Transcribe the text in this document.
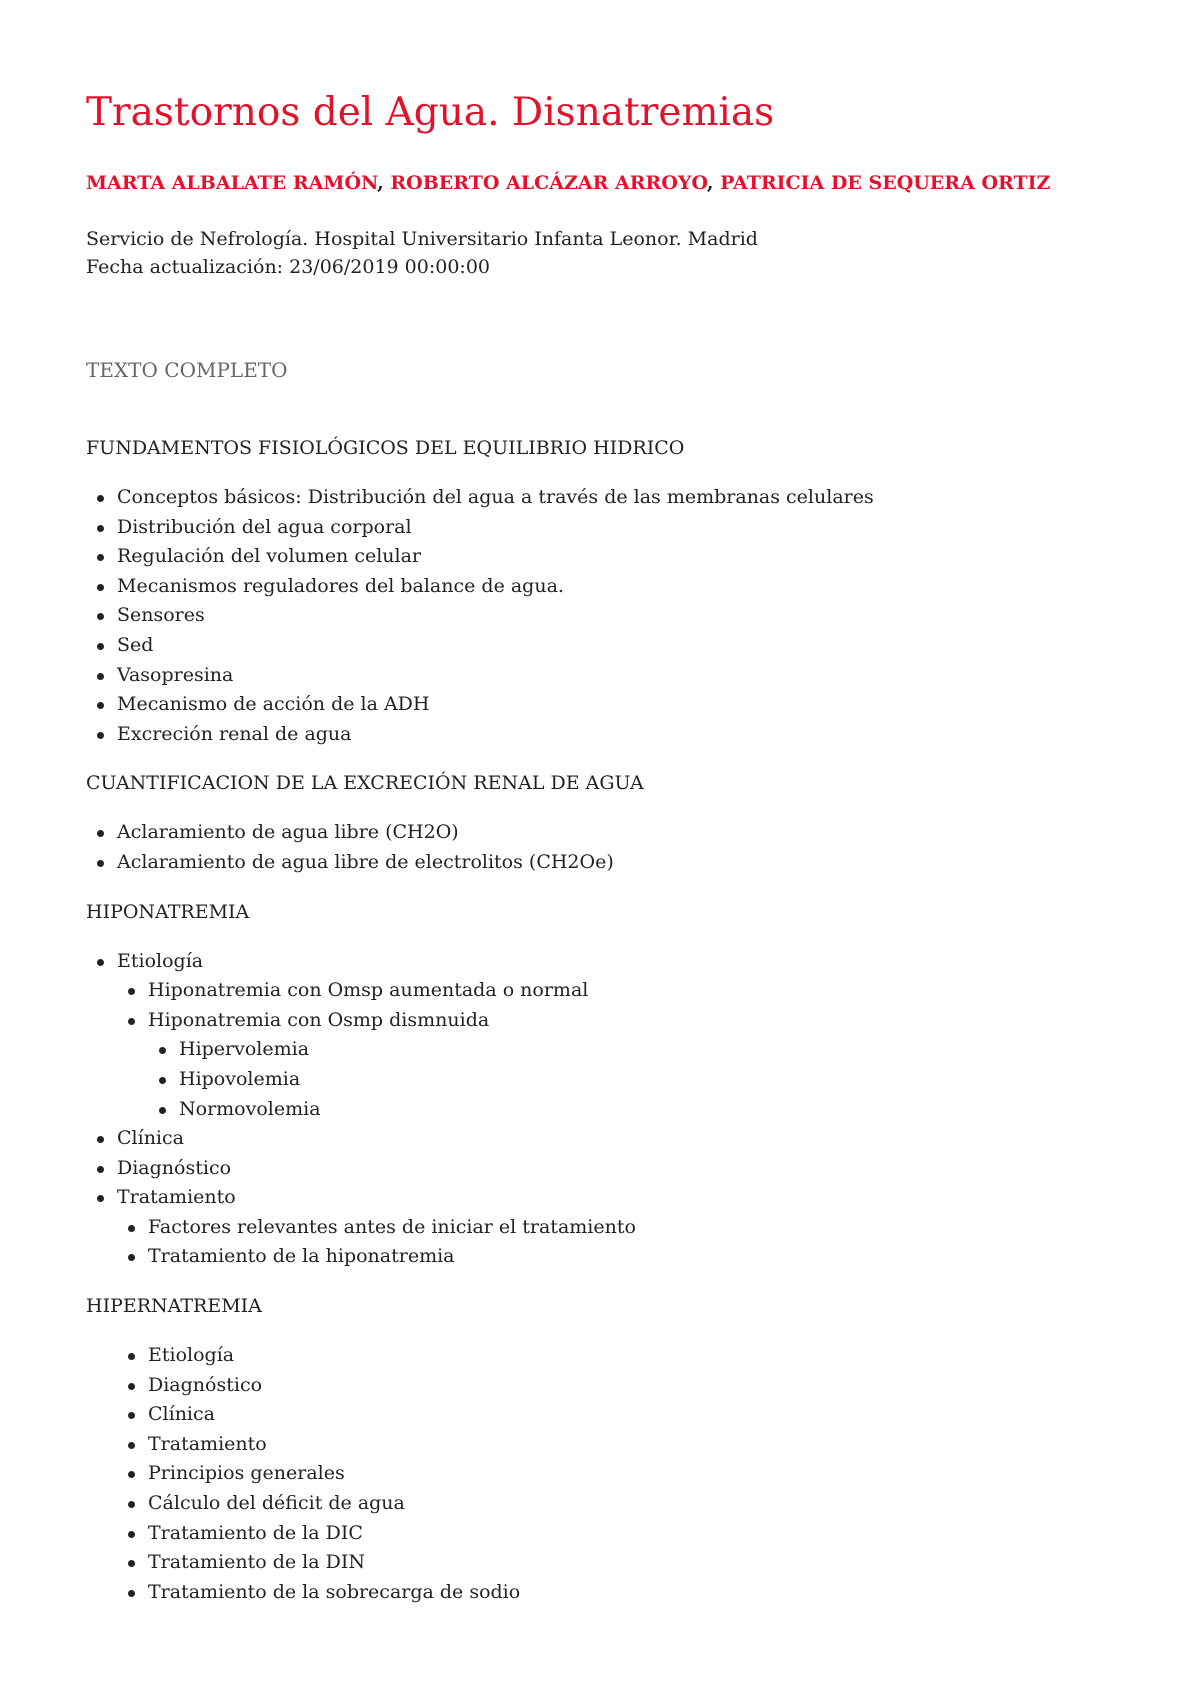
Trastornos del Agua. Disnatremias
MARTA ALBALATE RAMÓN, ROBERTO ALCÁZAR ARROYO, PATRICIA DE SEQUERA ORTIZ
Servicio de Nefrología. Hospital Universitario Infanta Leonor. Madrid
Fecha actualización: 23/06/2019 00:00:00
TEXTO COMPLETO
FUNDAMENTOS FISIOLÓGICOS DEL EQUILIBRIO HIDRICO
Conceptos básicos: Distribución del agua a través de las membranas celulares
Distribución del agua corporal
Regulación del volumen celular
Mecanismos reguladores del balance de agua.
Sensores
Sed
Vasopresina
Mecanismo de acción de la ADH
Excreción renal de agua
CUANTIFICACION DE LA EXCRECIÓN RENAL DE AGUA
Aclaramiento de agua libre (CH2O)
Aclaramiento de agua libre de electrolitos (CH2Oe)
HIPONATREMIA
Etiología
Hiponatremia con Omsp aumentada o normal
Hiponatremia con Osmp dismnuida
Hipervolemia
Hipovolemia
Normovolemia
Clínica
Diagnóstico
Tratamiento
Factores relevantes antes de iniciar el tratamiento
Tratamiento de la hiponatremia
HIPERNATREMIA
Etiología
Diagnóstico
Clínica
Tratamiento
Principios generales
Cálculo del déficit de agua
Tratamiento de la DIC
Tratamiento de la DIN
Tratamiento de la sobrecarga de sodio
